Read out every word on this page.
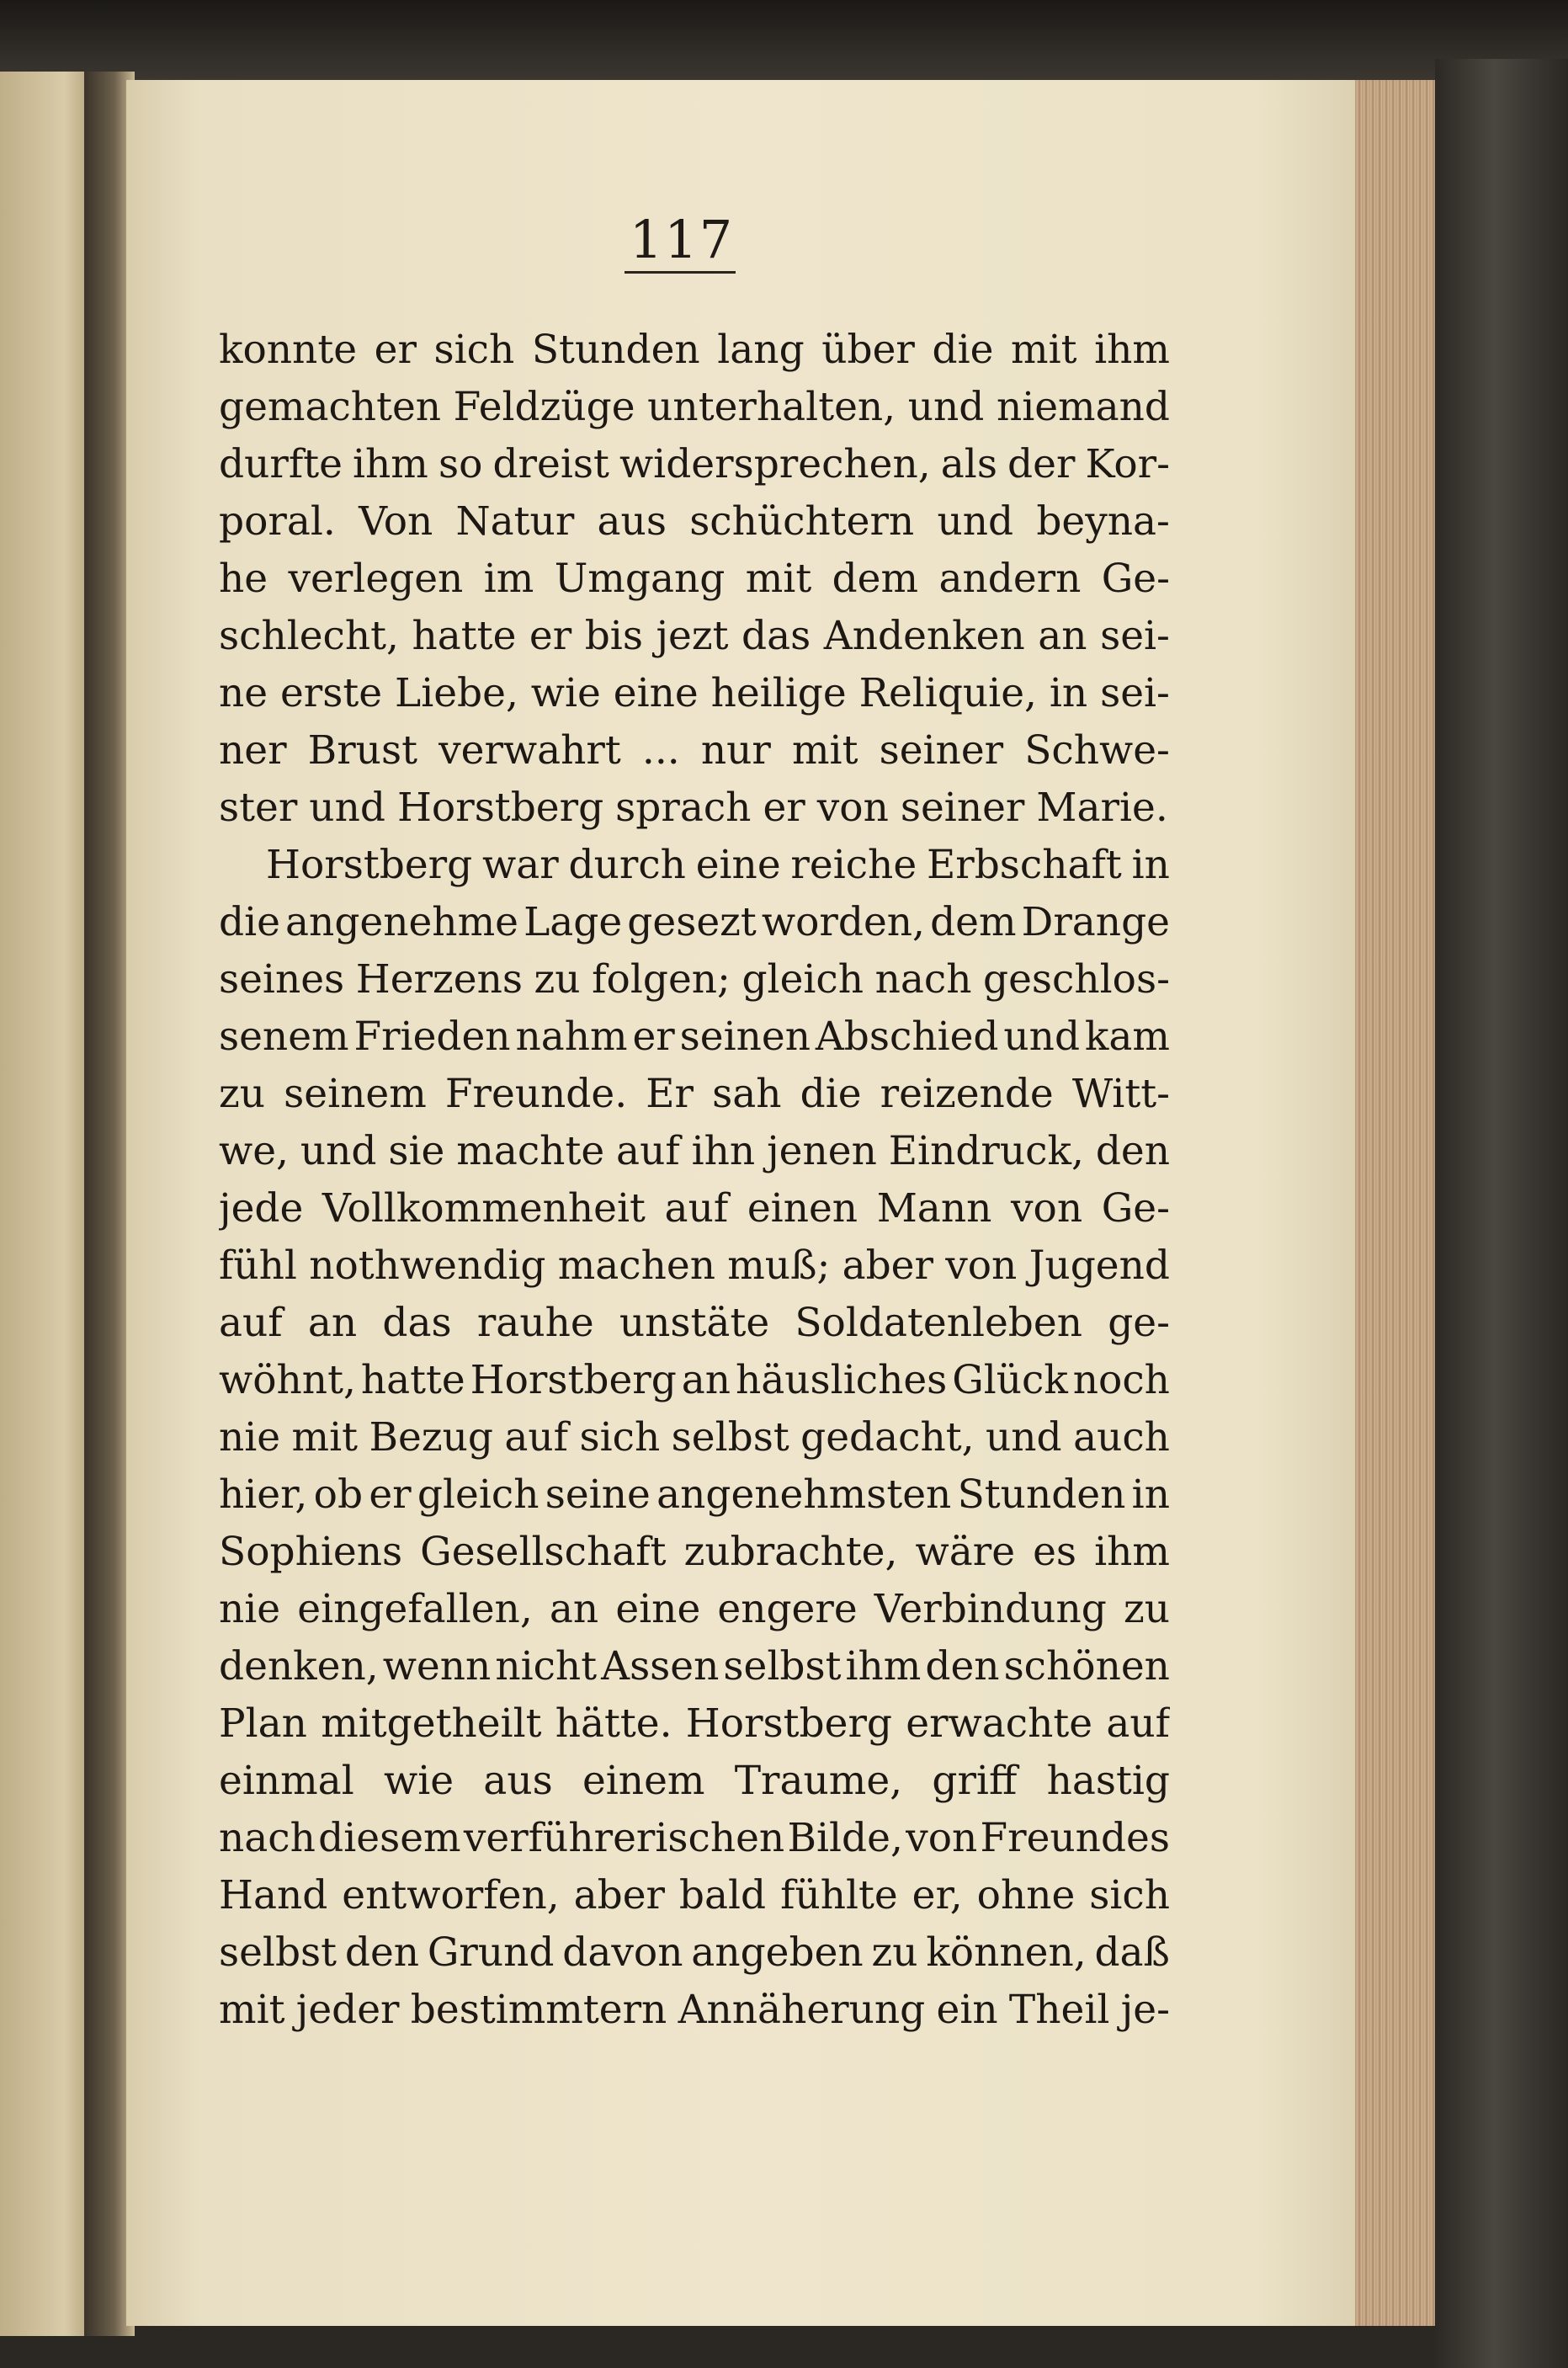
117
konnte er sich Stunden lang über die mit ihm
gemachten Feldzüge unterhalten, und niemand
durfte ihm so dreist widersprechen, als der Kor-
poral. Von Natur aus schüchtern und beyna-
he verlegen im Umgang mit dem andern Ge-
schlecht, hatte er bis jezt das Andenken an sei-
ne erste Liebe, wie eine heilige Reliquie, in sei-
ner Brust verwahrt ... nur mit seiner Schwe-
ster und Horstberg sprach er von seiner Marie.
Horstberg war durch eine reiche Erbschaft in
die angenehme Lage gesezt worden, dem Drange
seines Herzens zu folgen; gleich nach geschlos-
senem Frieden nahm er seinen Abschied und kam
zu seinem Freunde. Er sah die reizende Witt-
we, und sie machte auf ihn jenen Eindruck, den
jede Vollkommenheit auf einen Mann von Ge-
fühl nothwendig machen muß; aber von Jugend
auf an das rauhe unstäte Soldatenleben ge-
wöhnt, hatte Horstberg an häusliches Glück noch
nie mit Bezug auf sich selbst gedacht, und auch
hier, ob er gleich seine angenehmsten Stunden in
Sophiens Gesellschaft zubrachte, wäre es ihm
nie eingefallen, an eine engere Verbindung zu
denken, wenn nicht Assen selbst ihm den schönen
Plan mitgetheilt hätte. Horstberg erwachte auf
einmal wie aus einem Traume, griff hastig
nach diesem verführerischen Bilde, von Freundes
Hand entworfen, aber bald fühlte er, ohne sich
selbst den Grund davon angeben zu können, daß
mit jeder bestimmtern Annäherung ein Theil je-
